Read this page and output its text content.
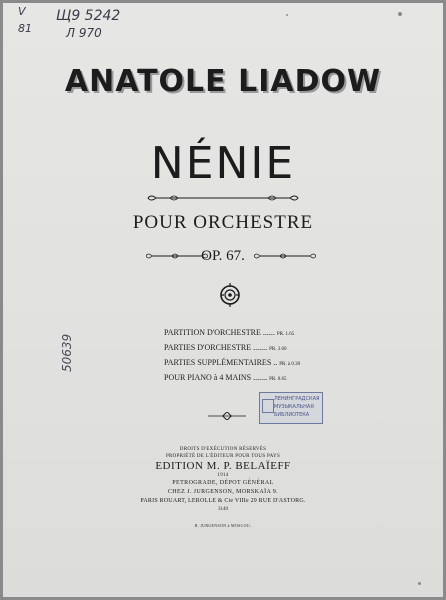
V
81
Щ9 5242
Л 970
50639
ANATOLE LIADOW
NÉNIE
POUR ORCHESTRE
OP. 67.
PARTITION D'ORCHESTRE ...... PR. 1.65
PARTIES D'ORCHESTRE ....... PR. 3.60
PARTIES SUPPLÉMENTAIRES .. PR. à 0.30
POUR PIANO à 4 MAINS ....... PR. 0.65
ЛЕНИНГРАДСКАЯ
МУЗЫКАЛЬНАЯ
БИБЛИОТЕКА
DROITS D'EXÉCUTION RÉSERVÉS
PROPRIÉTÉ DE L'ÉDITEUR POUR TOUS PAYS
EDITION M. P. BELAÏEFF
1914
PETROGRADE, DÉPOT GÉNÉRAL
CHEZ J. JURGENSON, MORSKAÏA 9.
PARIS ROUART, LEROLLE & Cie VIIIe 29 RUE D'ASTORG.
3140
B. JURGENSON à MOSCOU.
